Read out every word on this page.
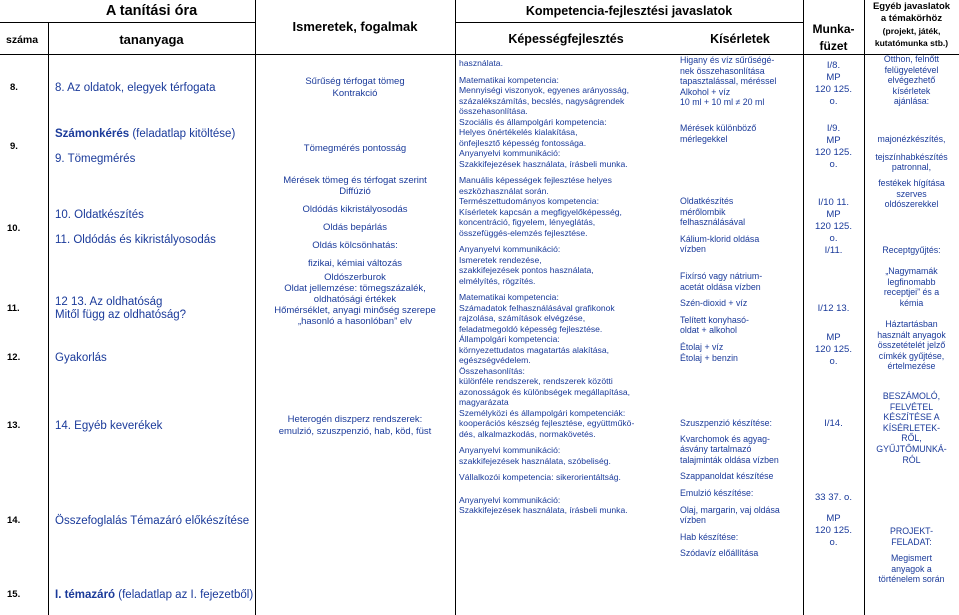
A tanítási óra
száma	tananyaga
Ismeretek, fogalmak
Kompetencia-fejlesztési javaslatok
Képességfejlesztés	Kísérletek
Munka-
füzet
Egyéb javaslatok
a témakörhöz
(projekt, játék,
kutatómunka stb.)
8.
9.
10.
11.
12.
13.
14.
15.
8. Az oldatok, elegyek térfogata
Számonkérés (feladatlap kitöltése)
9. Tömegmérés
10. Oldatkészítés
11. Oldódás és kikristályosodás
12 13. Az oldhatóság
Mitől függ az oldhatóság?
Gyakorlás
14. Egyéb keverékek
Összefoglalás Témazáró előkészítése
I. témazáró (feladatlap az I. fejezetből)
Sűrűség térfogat tömeg
Kontrakció
Tömegmérés pontosság
Mérések tömeg és térfogat szerint
Diffúzió
Oldódás kikristályosodás
Oldás bepárlás
Oldás kölcsönhatás:
fizikai, kémiai változás
Oldószerburok
Oldat jellemzése: tömegszázalék,
oldhatósági értékek
Hőmérséklet, anyagi minőség szerepe
„hasonló a hasonlóban” elv
Heterogén diszperz rendszerek:
emulzió, szuszpenzió, hab, köd, füst
használata.
Matematikai kompetencia:
Mennyiségi viszonyok, egyenes arányosság,
százalékszámítás, becslés, nagyságrendek
összehasonlítása.
Szociális és állampolgári kompetencia:
Helyes önértékelés kialakítása,
önfejlesztő képesség fontossága.
Anyanyelvi kommunikáció:
Szakkifejezések használata, írásbeli munka.
Manuális képességek fejlesztése helyes
eszközhasználat során.
Természettudományos kompetencia:
Kísérletek kapcsán a megfigyelőképesség,
koncentráció, figyelem, lényeglátás,
összefüggés-elemzés fejlesztése.
Anyanyelvi kommunikáció:
Ismeretek rendezése,
szakkifejezések pontos használata,
elmélyítés, rögzítés.
Matematikai kompetencia:
Számadatok felhasználásával grafikonok
rajzolása, számítások elvégzése,
feladatmegoldó képesség fejlesztése.
Állampolgári kompetencia:
környezettudatos magatartás alakítása,
egészségvédelem.
Összehasonlítás:
különféle rendszerek, rendszerek közötti
azonosságok és különbségek megállapítása,
magyarázata
Személyközi és állampolgári kompetenciák:
kooperációs készség fejlesztése, együttműkö-
dés, alkalmazkodás, normakövetés.
Anyanyelvi kommunikáció:
szakkifejezések használata, szóbeliség.
Vállalkozói kompetencia: sikerorientáltság.
Anyanyelvi kommunikáció:
Szakkifejezések használata, írásbeli munka.
Higany és víz sűrűségé-
nek összehasonlítása
tapasztalással, méréssel
Alkohol + víz
10 ml + 10 ml ≠ 20 ml
Mérések különböző
mérlegekkel
Oldatkészítés
mérőlombik
felhasználásával
Kálium-klorid oldása
vízben
Fixírsó vagy nátrium-
acetát oldása vízben
Szén-dioxid + víz
Telített konyhasó-
oldat + alkohol
Étolaj + víz
Étolaj + benzin
Szuszpenzió készítése:
Kvarchomok és agyag-
ásvány tartalmazó
talajminták oldása vízben
Szappanoldat készítése
Emulzió készítése:
Olaj, margarin, vaj oldása
vízben
Hab készítése:
Szódavíz előállítása
I/8.
MP
120 125.
o.
I/9.
MP
120 125.
o.
I/10 11.
MP
120 125.
o.
I/11.
I/12 13.
MP
120 125.
o.
I/14.
33 37. o.
MP
120 125.
o.
Otthon, felnőtt
felügyeletével
elvégezhető
kísérletek
ajánlása:
majonézkészítés,
tejszínhabkészítés
patronnal,
festékek hígítása
szerves
oldószerekkel
Receptgyűjtés:
„Nagymamák
legfinomabb
receptjei” és a
kémia
Háztartásban
használt anyagok
összetételét jelző
címkék gyűjtése,
értelmezése
BESZÁMOLÓ,
FELVÉTEL
KÉSZÍTÉSE A
KÍSÉRLETEK-
RŐL,
GYŰJTŐMUNKÁ-
RÓL
PROJEKT-
FELADAT:
Megismert
anyagok a
történelem során
